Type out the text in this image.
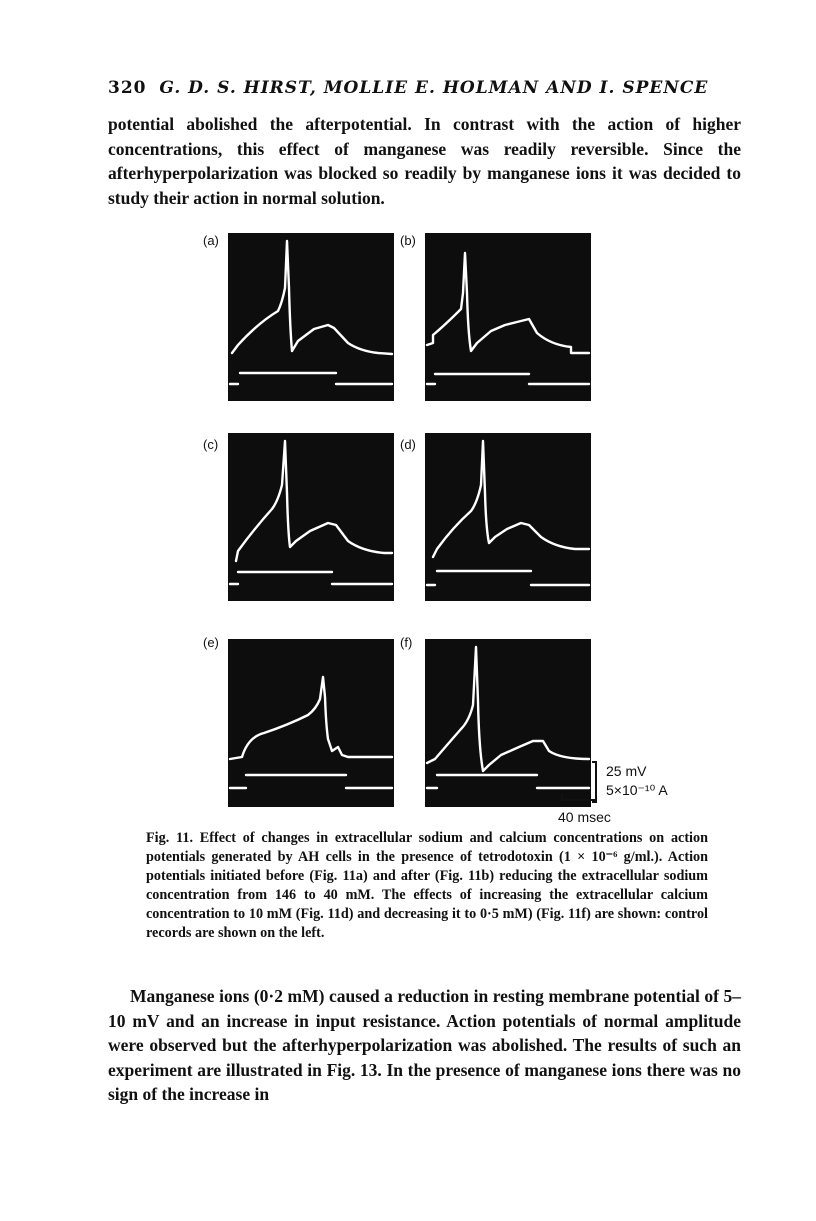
320 G. D. S. HIRST, MOLLIE E. HOLMAN AND I. SPENCE
potential abolished the afterpotential. In contrast with the action of higher concentrations, this effect of manganese was readily reversible. Since the afterhyperpolarization was blocked so readily by manganese ions it was decided to study their action in normal solution.
(a)	(b)
(c)	(d)
(e)	(f)
25 mV
5×10⁻¹⁰ A
40 msec
Fig. 11. Effect of changes in extracellular sodium and calcium concentrations on action potentials generated by AH cells in the presence of tetrodotoxin (1 × 10⁻⁶ g/ml.). Action potentials initiated before (Fig. 11a) and after (Fig. 11b) reducing the extracellular sodium concentration from 146 to 40 mM. The effects of increasing the extracellular calcium concentration to 10 mM (Fig. 11d) and decreasing it to 0·5 mM) (Fig. 11f) are shown: control records are shown on the left.
Manganese ions (0·2 mM) caused a reduction in resting membrane potential of 5–10 mV and an increase in input resistance. Action potentials of normal amplitude were observed but the afterhyperpolarization was abolished. The results of such an experiment are illustrated in Fig. 13. In the presence of manganese ions there was no sign of the increase in
